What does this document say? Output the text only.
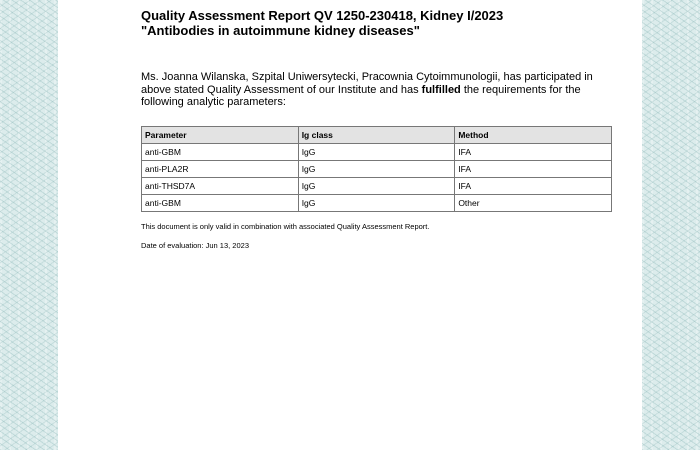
Quality Assessment Report QV 1250-230418, Kidney I/2023
"Antibodies in autoimmune kidney diseases"

Ms. Joanna Wilanska, Szpital Uniwersytecki, Pracownia Cytoimmunologii, has participated in above stated Quality Assessment of our Institute and has fulfilled the requirements for the following analytic parameters:

Parameter	Ig class	Method
anti-GBM	IgG	IFA
anti-PLA2R	IgG	IFA
anti-THSD7A	IgG	IFA
anti-GBM	IgG	Other

This document is only valid in combination with associated Quality Assessment Report.

Date of evaluation: Jun 13, 2023
